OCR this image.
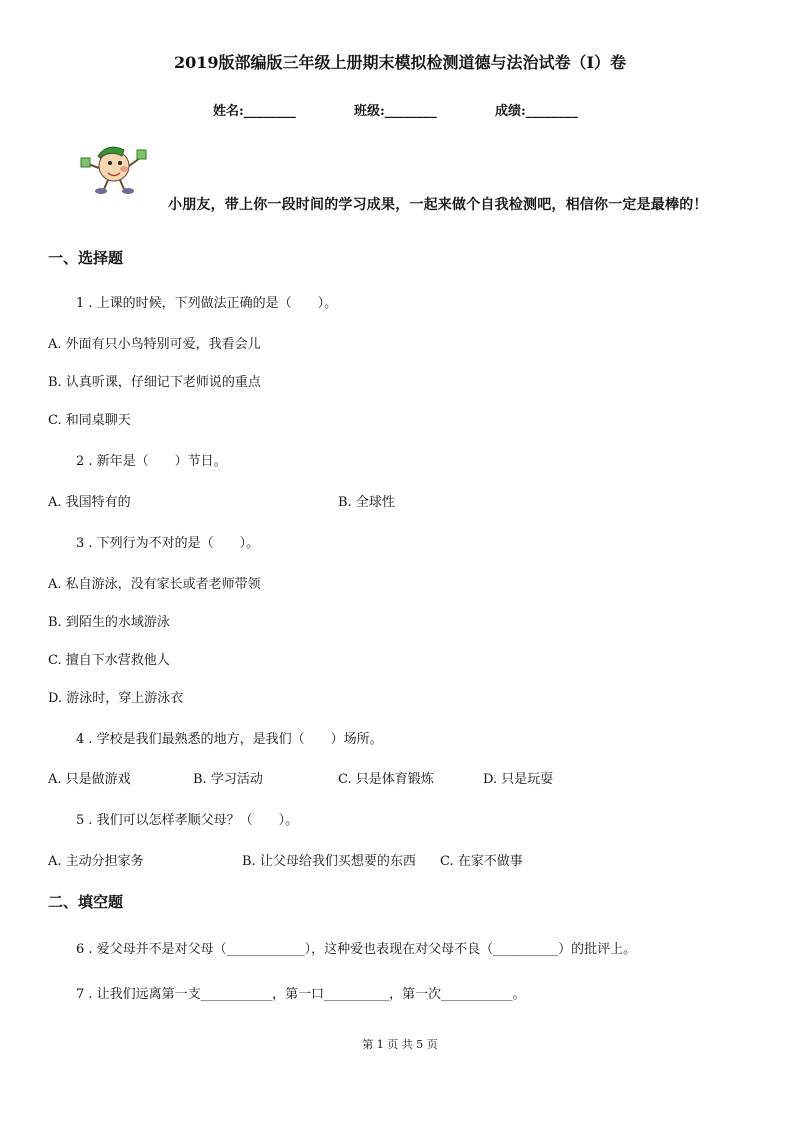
2019版部编版三年级上册期末模拟检测道德与法治试卷（I）卷
姓名:________	班级:________	成绩:________
小朋友，带上你一段时间的学习成果，一起来做个自我检测吧，相信你一定是最棒的！
一、选择题
1 . 上课的时候，下列做法正确的是（　　）。
A. 外面有只小鸟特别可爱，我看会儿
B. 认真听课，仔细记下老师说的重点
C. 和同桌聊天
2 . 新年是（　　）节日。
A. 我国特有的	B. 全球性
3 . 下列行为不对的是（　　）。
A. 私自游泳，没有家长或者老师带领
B. 到陌生的水域游泳
C. 擅自下水营救他人
D. 游泳时，穿上游泳衣
4 . 学校是我们最熟悉的地方，是我们（　　）场所。
A. 只是做游戏	B. 学习活动	C. 只是体育锻炼	D. 只是玩耍
5 . 我们可以怎样孝顺父母？（　　）。
A. 主动分担家务	B. 让父母给我们买想要的东西 C. 在家不做事
二、填空题
6 . 爱父母并不是对父母（____________），这种爱也表现在对父母不良（__________）的批评上。
7 . 让我们远离第一支___________，第一口__________，第一次___________。
第 1 页 共 5 页
